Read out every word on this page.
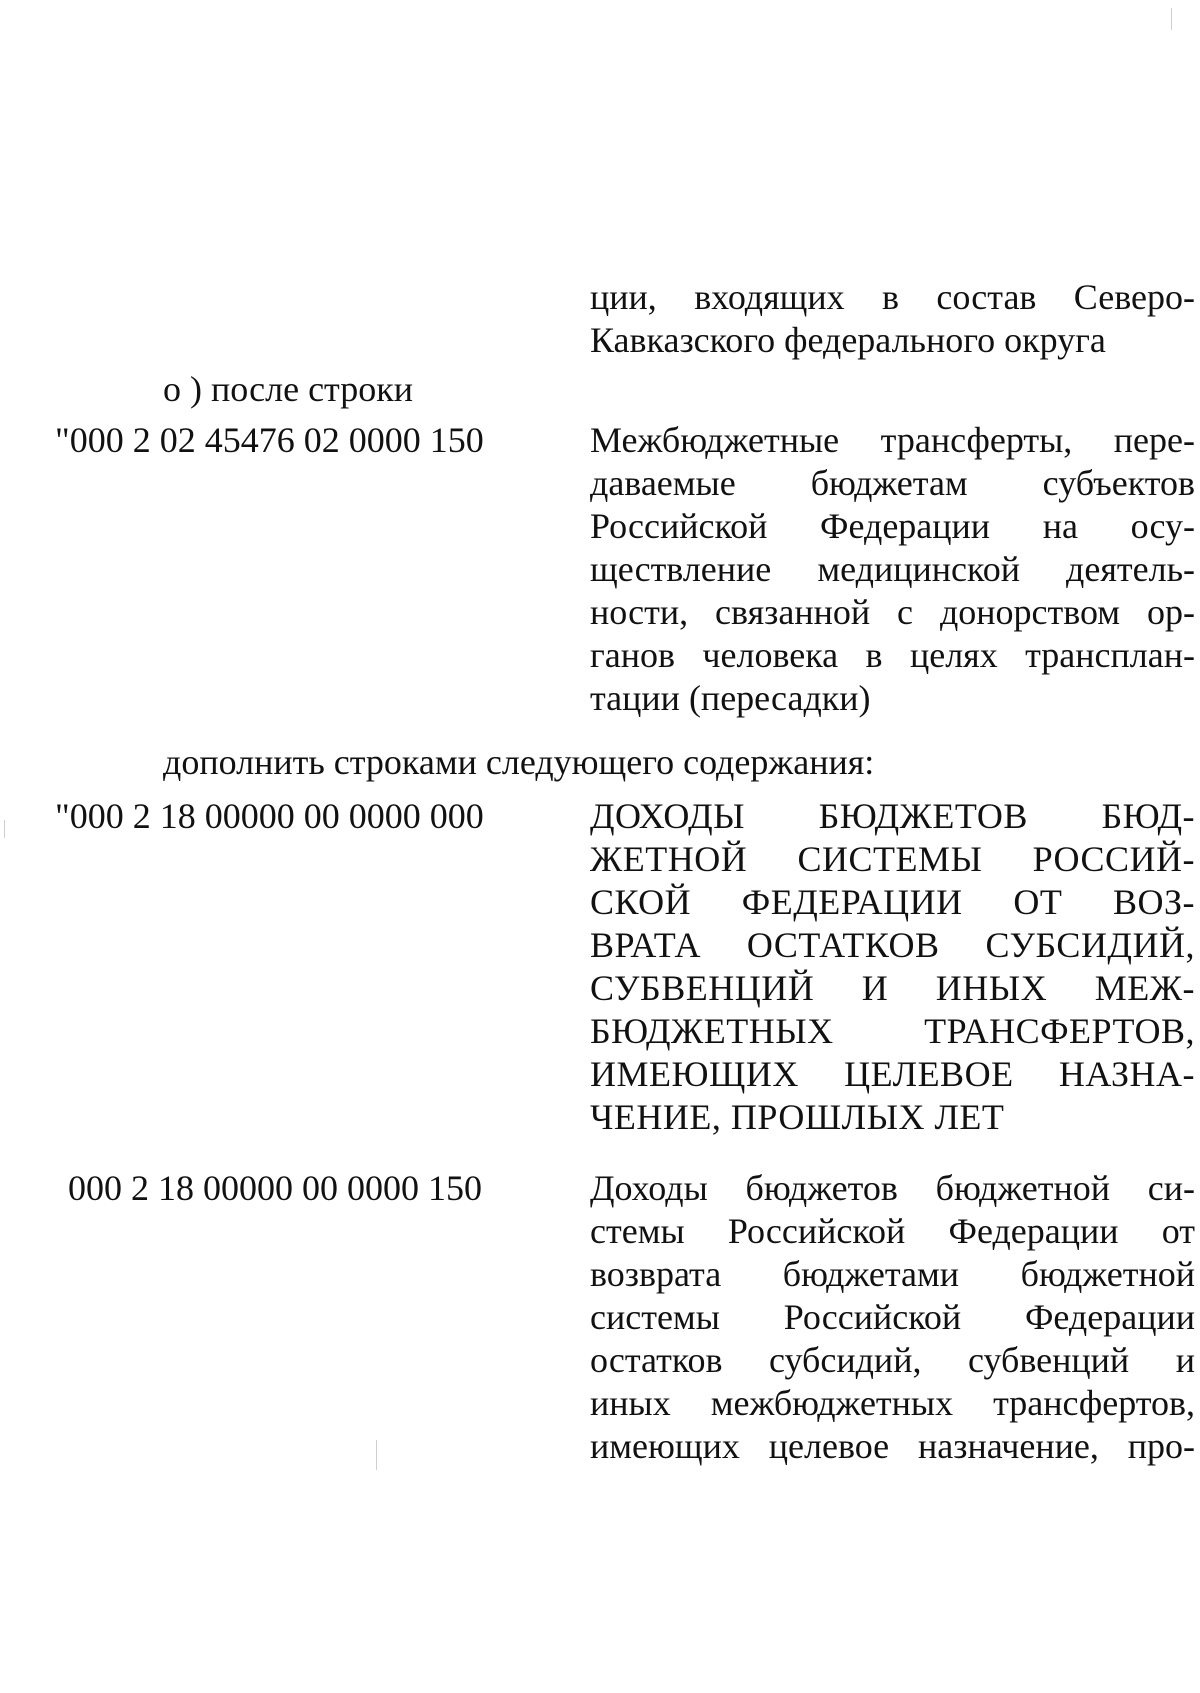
ции, входящих в состав Северо-
Кавказского федерального округа
о ) после строки
"000 2 02 45476 02 0000 150	Межбюджетные трансферты, пере-
даваемые бюджетам субъектов
Российской Федерации на осу-
ществление медицинской деятель-
ности, связанной с донорством ор-
ганов человека в целях трансплан-
тации (пересадки)
дополнить строками следующего содержания:
"000 2 18 00000 00 0000 000	ДОХОДЫ БЮДЖЕТОВ БЮД-
ЖЕТНОЙ СИСТЕМЫ РОССИЙ-
СКОЙ ФЕДЕРАЦИИ ОТ ВОЗ-
ВРАТА ОСТАТКОВ СУБСИДИЙ,
СУБВЕНЦИЙ И ИНЫХ МЕЖ-
БЮДЖЕТНЫХ ТРАНСФЕРТОВ,
ИМЕЮЩИХ ЦЕЛЕВОЕ НАЗНА-
ЧЕНИЕ, ПРОШЛЫХ ЛЕТ
000 2 18 00000 00 0000 150	Доходы бюджетов бюджетной си-
стемы Российской Федерации от
возврата бюджетами бюджетной
системы Российской Федерации
остатков субсидий, субвенций и
иных межбюджетных трансфертов,
имеющих целевое назначение, про-
